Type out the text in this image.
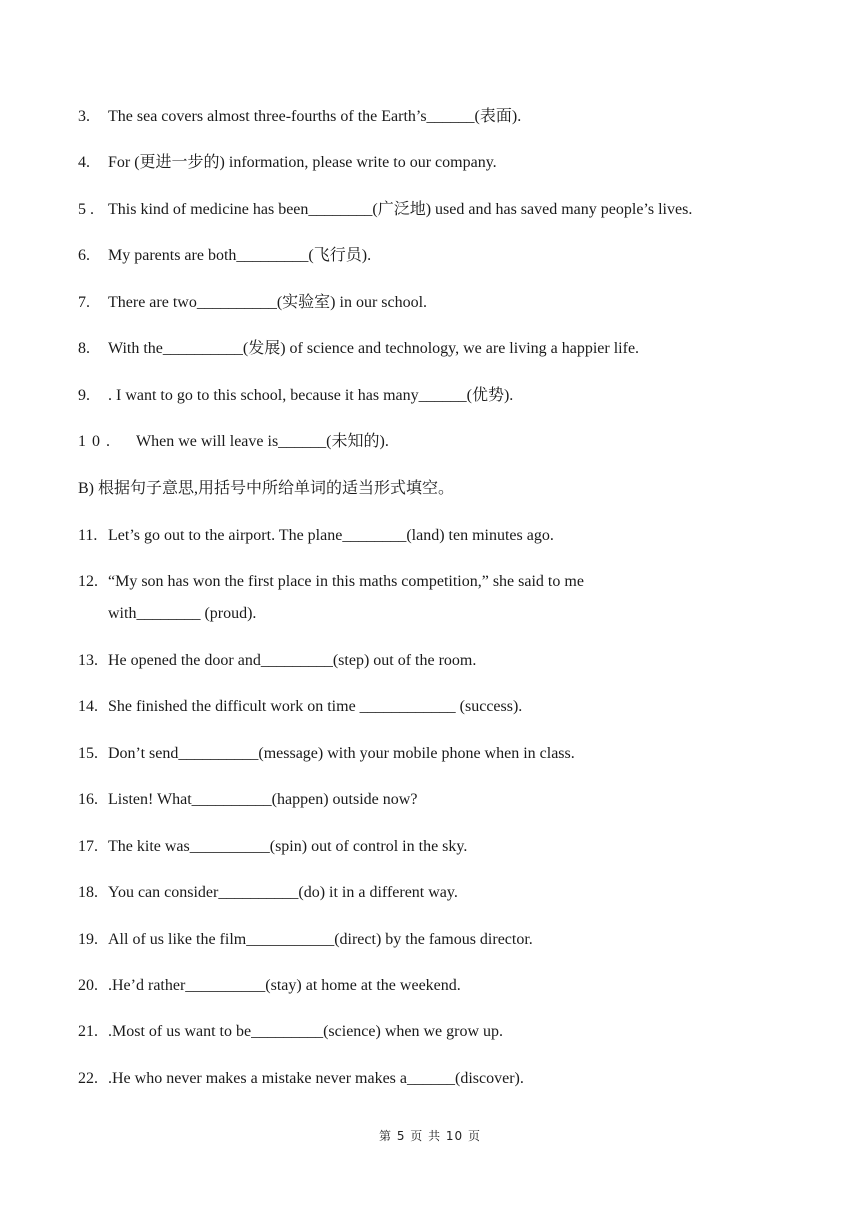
3. The sea covers almost three-fourths of the Earth’s______(表面).
4. For (更进一步的) information, please write to our company.
5 . This kind of medicine has been________(广泛地) used and has saved many people’s lives.
6. My parents are both_________(飞行员).
7. There are two__________(实验室) in our school.
8. With the__________(发展) of science and technology, we are living a happier life.
9. . I want to go to this school, because it has many______(优势).
1 0 . When we will leave is______(未知的).
B) 根据句子意思,用括号中所给单词的适当形式填空。
11. Let’s go out to the airport. The plane________(land) ten minutes ago.
12. “My son has won the first place in this maths competition,” she said to me
with________ (proud).
13. He opened the door and_________(step) out of the room.
14. She finished the difficult work on time ____________ (success).
15. Don’t send__________(message) with your mobile phone when in class.
16. Listen! What__________(happen) outside now?
17. The kite was__________(spin) out of control in the sky.
18. You can consider__________(do) it in a different way.
19. All of us like the film___________(direct) by the famous director.
20. .He’d rather__________(stay) at home at the weekend.
21. .Most of us want to be_________(science) when we grow up.
22. .He who never makes a mistake never makes a______(discover).
第 5 页 共 10 页
